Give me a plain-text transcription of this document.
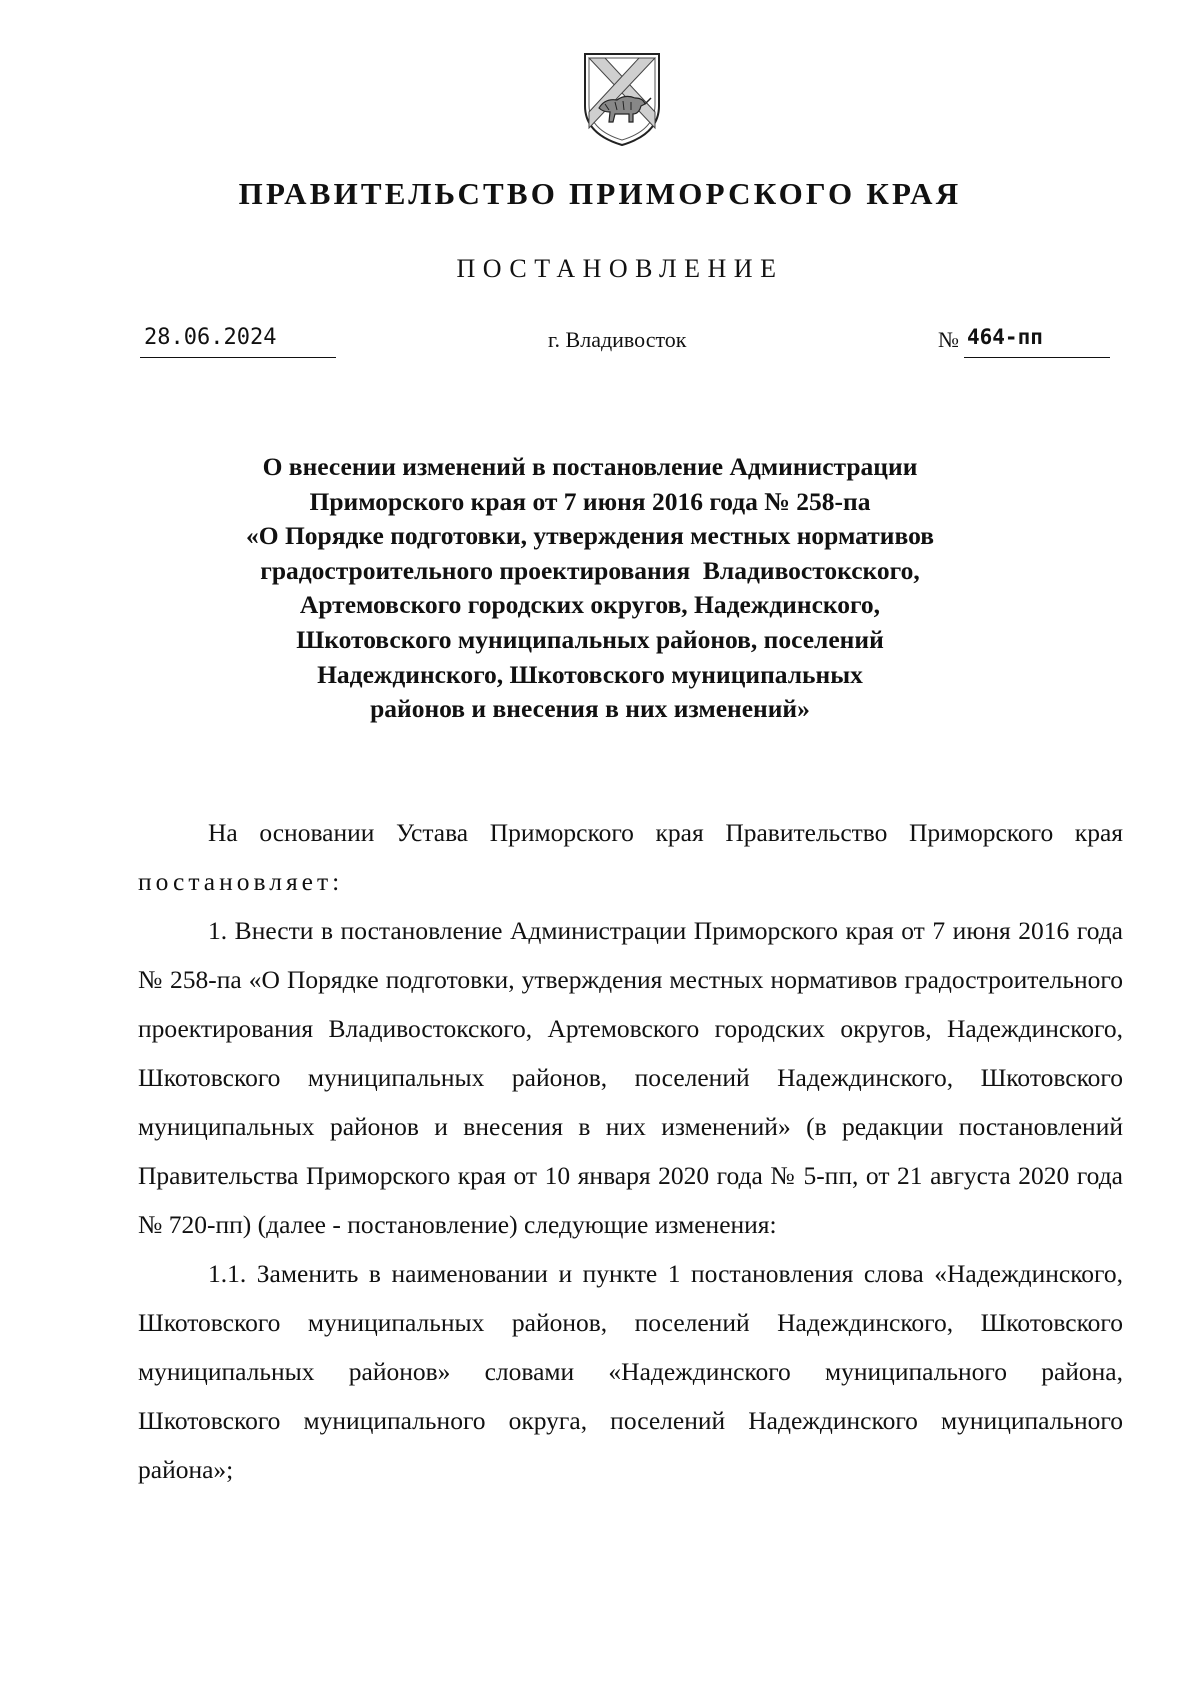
ПРАВИТЕЛЬСТВО ПРИМОРСКОГО КРАЯ
ПОСТАНОВЛЕНИЕ
28.06.2024	г. Владивосток	№ 464-пп
О внесении изменений в постановление Администрации
Приморского края от 7 июня 2016 года № 258-па
«О Порядке подготовки, утверждения местных нормативов
градостроительного проектирования  Владивостокского,
Артемовского городских округов, Надеждинского,
Шкотовского муниципальных районов, поселений
Надеждинского, Шкотовского муниципальных
районов и внесения в них изменений»

На основании Устава Приморского края Правительство Приморского края постановляет:

1. Внести в постановление Администрации Приморского края от 7 июня 2016 года № 258-па «О Порядке подготовки, утверждения местных нормативов градостроительного проектирования Владивостокского, Артемовского городских округов, Надеждинского, Шкотовского муниципальных районов, поселений Надеждинского, Шкотовского муниципальных районов и внесения в них изменений» (в редакции постановлений Правительства Приморского края от 10 января 2020 года № 5-пп, от 21 августа 2020 года № 720-пп) (далее - постановление) следующие изменения:

1.1. Заменить в наименовании и пункте 1 постановления слова «Надеждинского, Шкотовского муниципальных районов, поселений Надеждинского, Шкотовского муниципальных районов» словами «Надеждинского муниципального района, Шкотовского муниципального округа, поселений Надеждинского муниципального района»;
